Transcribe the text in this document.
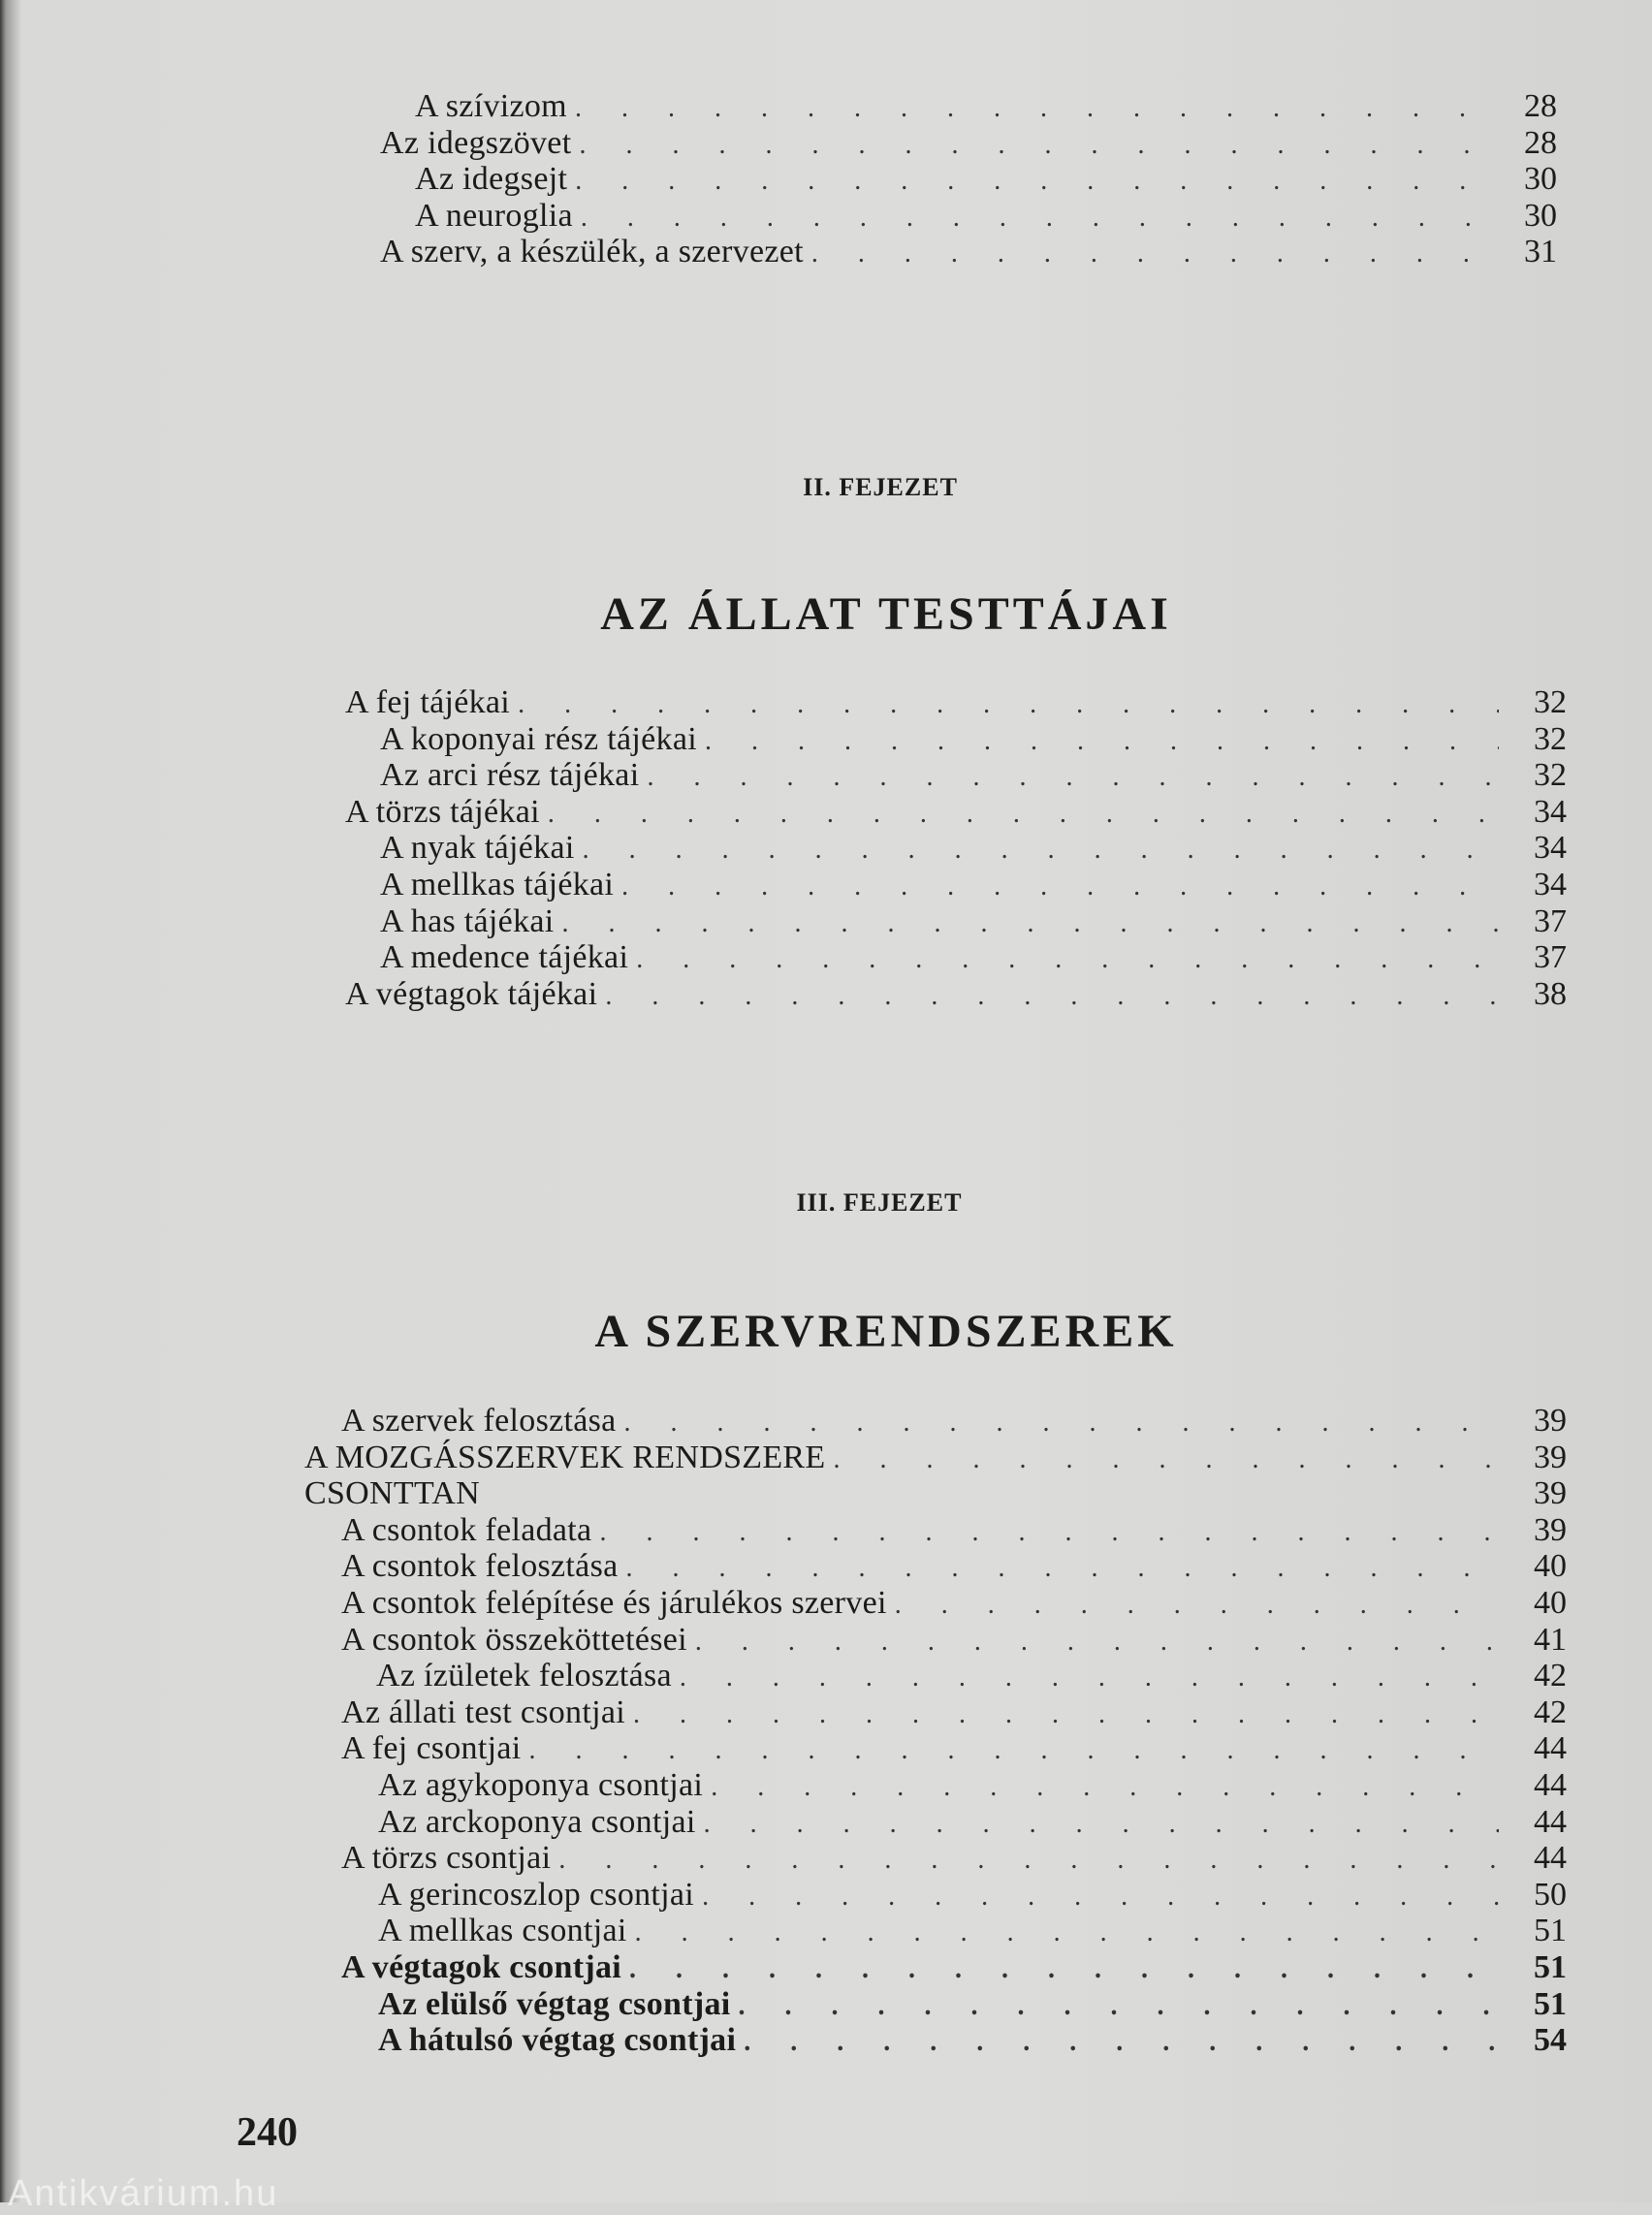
A szívizom . . .	28
Az idegszövet . . .	28
Az idegsejt . . .	30
A neuroglia . . .	30
A szerv, a készülék, a szervezet . . .	31
II. FEJEZET
AZ ÁLLAT TESTTÁJAI
A fej tájékai . . .	32
A koponyai rész tájékai . . .	32
Az arci rész tájékai . . .	32
A törzs tájékai . . .	34
A nyak tájékai . . .	34
A mellkas tájékai . . .	34
A has tájékai . . .	37
A medence tájékai . . .	37
A végtagok tájékai . . .	38
III. FEJEZET
A SZERVRENDSZEREK
A szervek felosztása . . .	39
A MOZGÁSSZERVEK RENDSZERE . . .	39
CSONTTAN	39
A csontok feladata . . .	39
A csontok felosztása . . .	40
A csontok felépítése és járulékos szervei . . .	40
A csontok összeköttetései . . .	41
Az ízületek felosztása . . .	42
Az állati test csontjai . . .	42
A fej csontjai . . .	44
Az agykoponya csontjai . . .	44
Az arckoponya csontjai . . .	44
A törzs csontjai . . .	44
A gerincoszlop csontjai . . .	50
A mellkas csontjai . . .	51
A végtagok csontjai . . .	51
Az elülső végtag csontjai . . .	51
A hátulsó végtag csontjai . . .	54
240
Antikvárium.hu
